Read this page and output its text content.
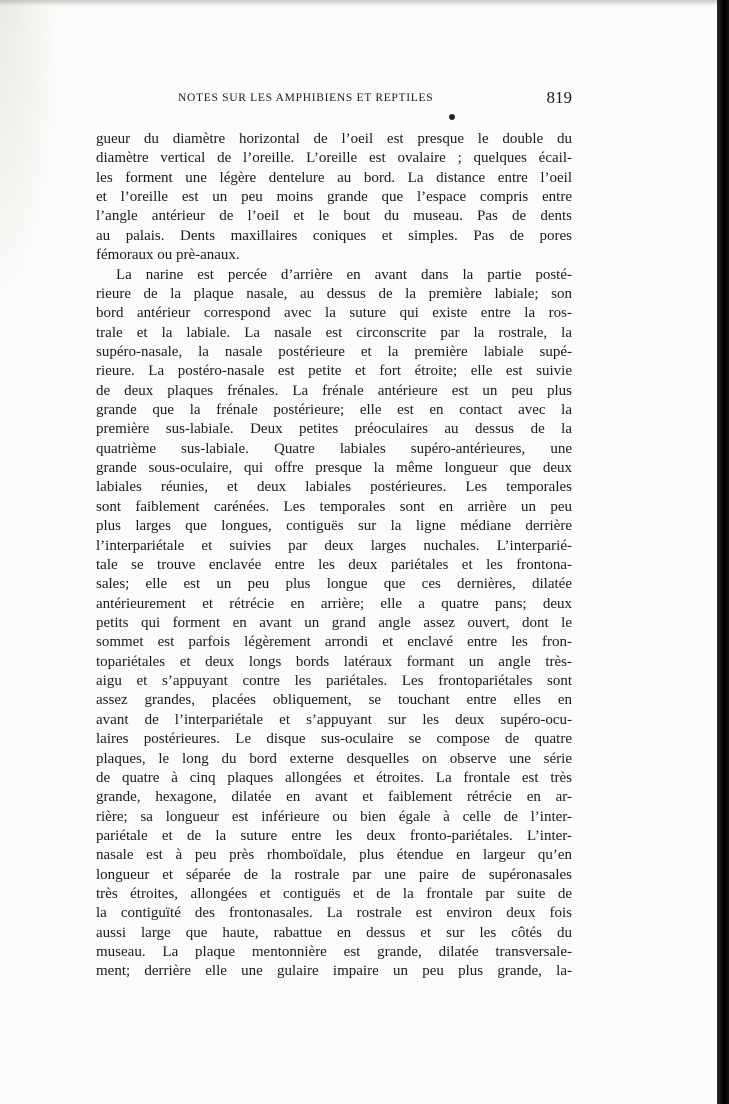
NOTES SUR LES AMPHIBIENS ET REPTILES	819
gueur du diamètre horizontal de l’oeil est presque le double du
diamètre vertical de l’oreille. L’oreille est ovalaire ; quelques écail-
les forment une légère dentelure au bord. La distance entre l’oeil
et l’oreille est un peu moins grande que l’espace compris entre
l’angle antérieur de l’oeil et le bout du museau. Pas de dents
au palais. Dents maxillaires coniques et simples. Pas de pores
fémoraux ou prè-anaux.
La narine est percée d’arrière en avant dans la partie posté-
rieure de la plaque nasale, au dessus de la première labiale; son
bord antérieur correspond avec la suture qui existe entre la ros-
trale et la labiale. La nasale est circonscrite par la rostrale, la
supéro-nasale, la nasale postérieure et la première labiale supé-
rieure. La postéro-nasale est petite et fort étroite; elle est suivie
de deux plaques frénales. La frénale antérieure est un peu plus
grande que la frénale postérieure; elle est en contact avec la
première sus-labiale. Deux petites préoculaires au dessus de la
quatrième sus-labiale. Quatre labiales supéro-antérieures, une
grande sous-oculaire, qui offre presque la même longueur que deux
labiales réunies, et deux labiales postérieures. Les temporales
sont faiblement carénées. Les temporales sont en arrière un peu
plus larges que longues, contiguës sur la ligne médiane derrière
l’interpariétale et suivies par deux larges nuchales. L’interparié-
tale se trouve enclavée entre les deux pariétales et les frontona-
sales; elle est un peu plus longue que ces dernières, dilatée
antérieurement et rétrécie en arrière; elle a quatre pans; deux
petits qui forment en avant un grand angle assez ouvert, dont le
sommet est parfois légèrement arrondi et enclavé entre les fron-
topariétales et deux longs bords latéraux formant un angle très-
aigu et s’appuyant contre les pariétales. Les frontopariétales sont
assez grandes, placées obliquement, se touchant entre elles en
avant de l’interpariétale et s’appuyant sur les deux supéro-ocu-
laires postérieures. Le disque sus-oculaire se compose de quatre
plaques, le long du bord externe desquelles on observe une série
de quatre à cinq plaques allongées et étroites. La frontale est très
grande, hexagone, dilatée en avant et faiblement rétrécie en ar-
rière; sa longueur est inférieure ou bien égale à celle de l’inter-
pariétale et de la suture entre les deux fronto-pariétales. L’inter-
nasale est à peu près rhomboïdale, plus étendue en largeur qu’en
longueur et séparée de la rostrale par une paire de supéronasales
très étroites, allongées et contiguës et de la frontale par suite de
la contiguïté des frontonasales. La rostrale est environ deux fois
aussi large que haute, rabattue en dessus et sur les côtés du
museau. La plaque mentonnière est grande, dilatée transversale-
ment; derrière elle une gulaire impaire un peu plus grande, la-
